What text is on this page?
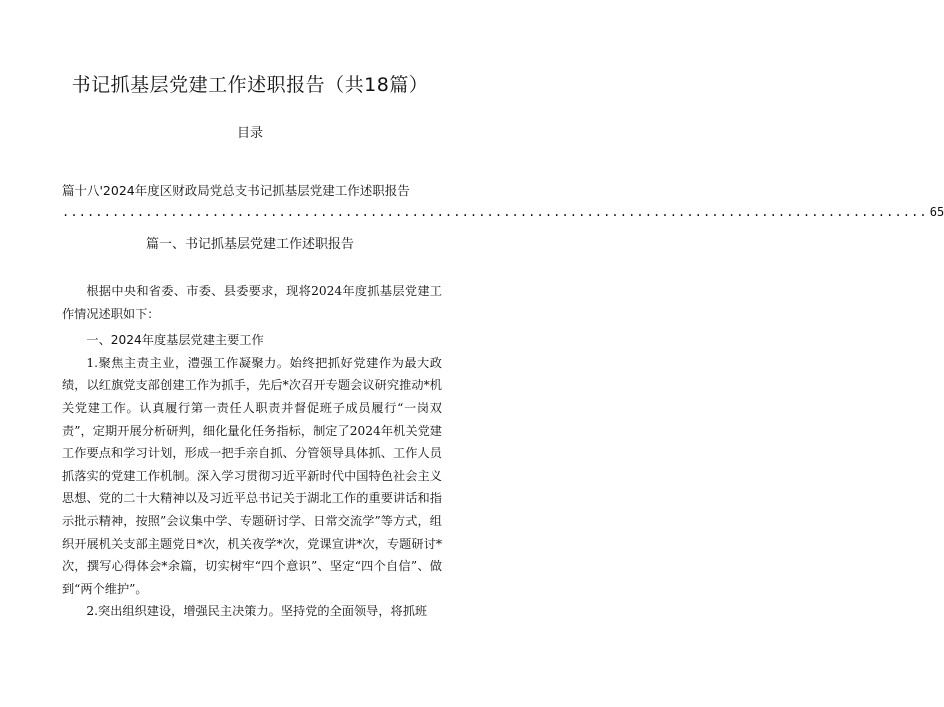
书记抓基层党建工作述职报告（共18篇）
目录
篇十八'2024年度区财政局党总支书记抓基层党建工作述职报告
........................................................................................................ 65
篇一、书记抓基层党建工作述职报告

根据中央和省委、市委、县委要求，现将2024年度抓基层党建工作情况述职如下：

一、2024年度基层党建主要工作

1.聚焦主责主业，澧强工作凝聚力。始终把抓好党建作为最大政绩，以红旗党支部创建工作为抓手，先后*次召开专题会议研究推动*机关党建工作。认真履行第一责任人职责并督促班子成员履行“一岗双责”，定期开展分析研判，细化量化任务指标，制定了2024年机关党建工作要点和学习计划，形成一把手亲自抓、分管领导具体抓、工作人员抓落实的党建工作机制。深入学习贯彻习近平新时代中国特色社会主义思想、党的二十大精神以及习近平总书记关于湖北工作的重要讲话和指示批示精神，按照”会议集中学、专题研讨学、日常交流学”等方式，组织开展机关支部主题党日*次，机关夜学*次，党课宣讲*次，专题研讨*次，撰写心得体会*余篇，切实树牢“四个意识”、坚定“四个自信”、做到“两个维护”。

2.突出组织建设，增强民主决策力。坚持党的全面领导，将抓班
